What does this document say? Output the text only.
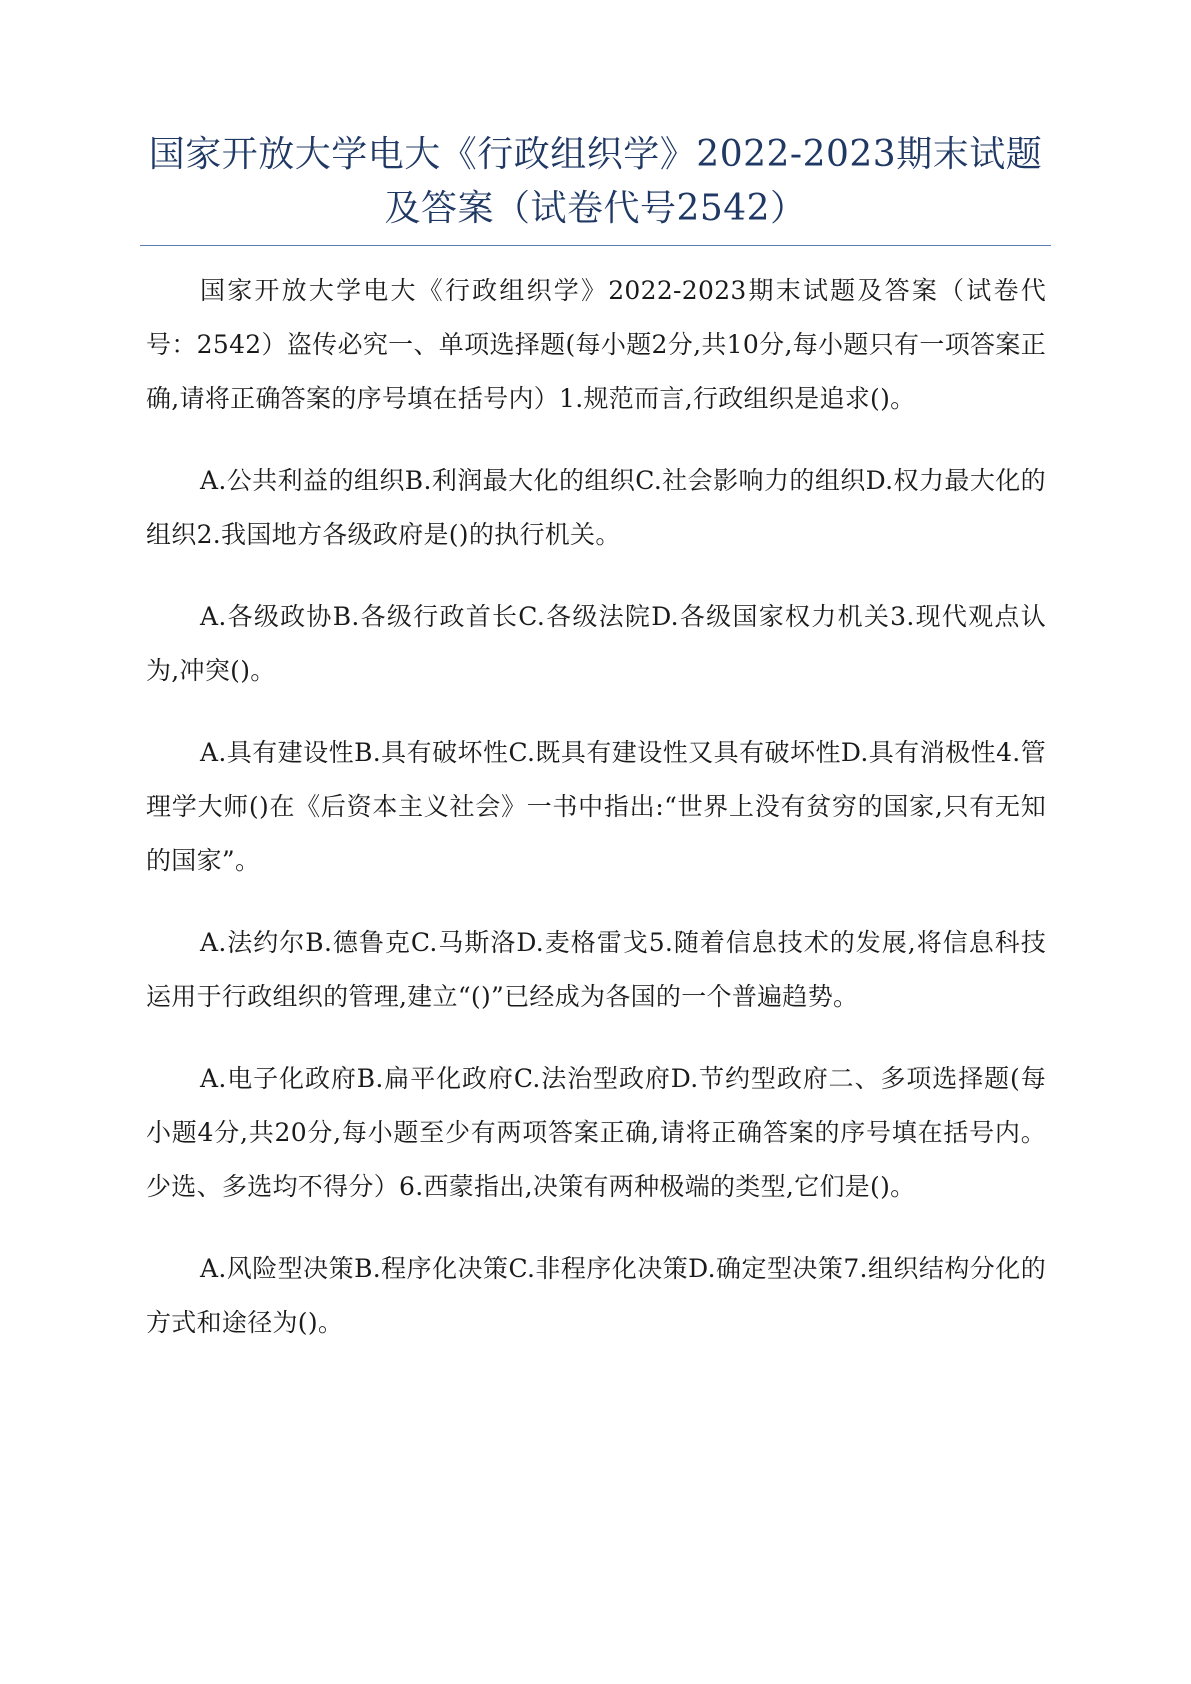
国家开放大学电大《行政组织学》2022-2023期末试题及答案（试卷代号2542）

国家开放大学电大《行政组织学》2022-2023期末试题及答案（试卷代号：2542）盗传必究一、单项选择题(每小题2分,共10分,每小题只有一项答案正确,请将正确答案的序号填在括号内）1.规范而言,行政组织是追求()。

A.公共利益的组织B.利润最大化的组织C.社会影响力的组织D.权力最大化的组织2.我国地方各级政府是()的执行机关。

A.各级政协B.各级行政首长C.各级法院D.各级国家权力机关3.现代观点认为,冲突()。

A.具有建设性B.具有破坏性C.既具有建设性又具有破坏性D.具有消极性4.管理学大师()在《后资本主义社会》一书中指出:“世界上没有贫穷的国家,只有无知的国家”。

A.法约尔B.德鲁克C.马斯洛D.麦格雷戈5.随着信息技术的发展,将信息科技运用于行政组织的管理,建立“()”已经成为各国的一个普遍趋势。

A.电子化政府B.扁平化政府C.法治型政府D.节约型政府二、多项选择题(每小题4分,共20分,每小题至少有两项答案正确,请将正确答案的序号填在括号内。少选、多选均不得分）6.西蒙指出,决策有两种极端的类型,它们是()。

A.风险型决策B.程序化决策C.非程序化决策D.确定型决策7.组织结构分化的方式和途径为()。
